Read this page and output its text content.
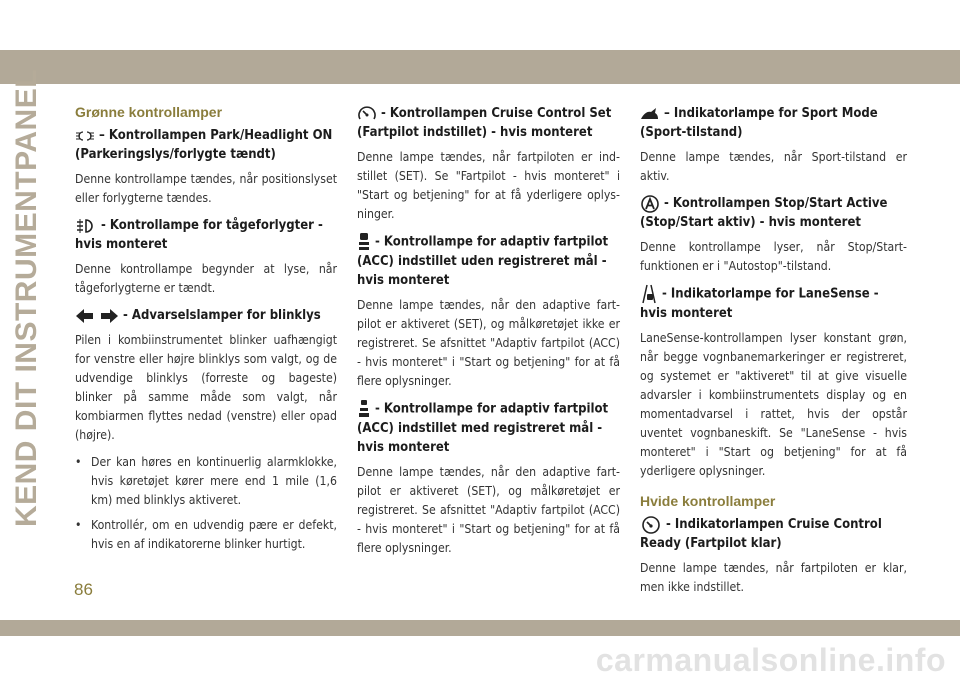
KEND DIT INSTRUMENTPANEL Grønne kontrollamper

– Kontrollampen Park/Headlight ON (Parkeringslys/forlygte tændt)

Denne kontrollampe tændes, når positionslyset eller forlygterne tændes.

- Kontrollampe for tågeforlygter - hvis monteret

Denne kontrollampe begynder at lyse, når tågeforlygterne er tændt.

- Advarselslamper for blinklys

Pilen i kombiinstrumentet blinker uafhængigt for venstre eller højre blinklys som valgt, og de udvendige blinklys (forreste og bageste) blinker på samme måde som valgt, når kombiarmen flyttes nedad (venstre) eller opad (højre).

• Der kan høres en kontinuerlig alarmklokke, hvis køretøjet kører mere end 1 mile (1,6 km) med blinklys aktiveret.
• Kontrollér, om en udvendig pære er defekt, hvis en af indikatorerne blinker hurtigt.

- Kontrollampen Cruise Control Set (Fartpilot indstillet) - hvis monteret

Denne lampe tændes, når fartpiloten er indstillet (SET). Se "Fartpilot - hvis monteret" i "Start og betjening" for at få yderligere oplysninger.

- Kontrollampe for adaptiv fartpilot (ACC) indstillet uden registreret mål - hvis monteret

Denne lampe tændes, når den adaptive fartpilot er aktiveret (SET), og målkøretøjet ikke er registreret. Se afsnittet "Adaptiv fartpilot (ACC) - hvis monteret" i "Start og betjening" for at få flere oplysninger.

- Kontrollampe for adaptiv fartpilot (ACC) indstillet med registreret mål - hvis monteret

Denne lampe tændes, når den adaptive fartpilot er aktiveret (SET), og målkøretøjet er registreret. Se afsnittet "Adaptiv fartpilot (ACC) - hvis monteret" i "Start og betjening" for at få flere oplysninger.

– Indikatorlampe for Sport Mode (Sport-tilstand)

Denne lampe tændes, når Sport-tilstand er aktiv.

- Kontrollampen Stop/Start Active (Stop/Start aktiv) - hvis monteret

Denne kontrollampe lyser, når Stop/Start-funktionen er i "Autostop"-tilstand.

- Indikatorlampe for LaneSense - hvis monteret

LaneSense-kontrollampen lyser konstant grøn, når begge vognbanemarkeringer er registreret, og systemet er "aktiveret" til at give visuelle advarsler i kombiinstrumentets display og en momentadvarsel i rattet, hvis der opstår uventet vognbaneskift. Se "LaneSense - hvis monteret" i "Start og betjening" for at få yderligere oplysninger.

Hvide kontrollamper

- Indikatorlampen Cruise Control Ready (Fartpilot klar)

Denne lampe tændes, når fartpiloten er klar, men ikke indstillet.

86
carmanualsonline.info
